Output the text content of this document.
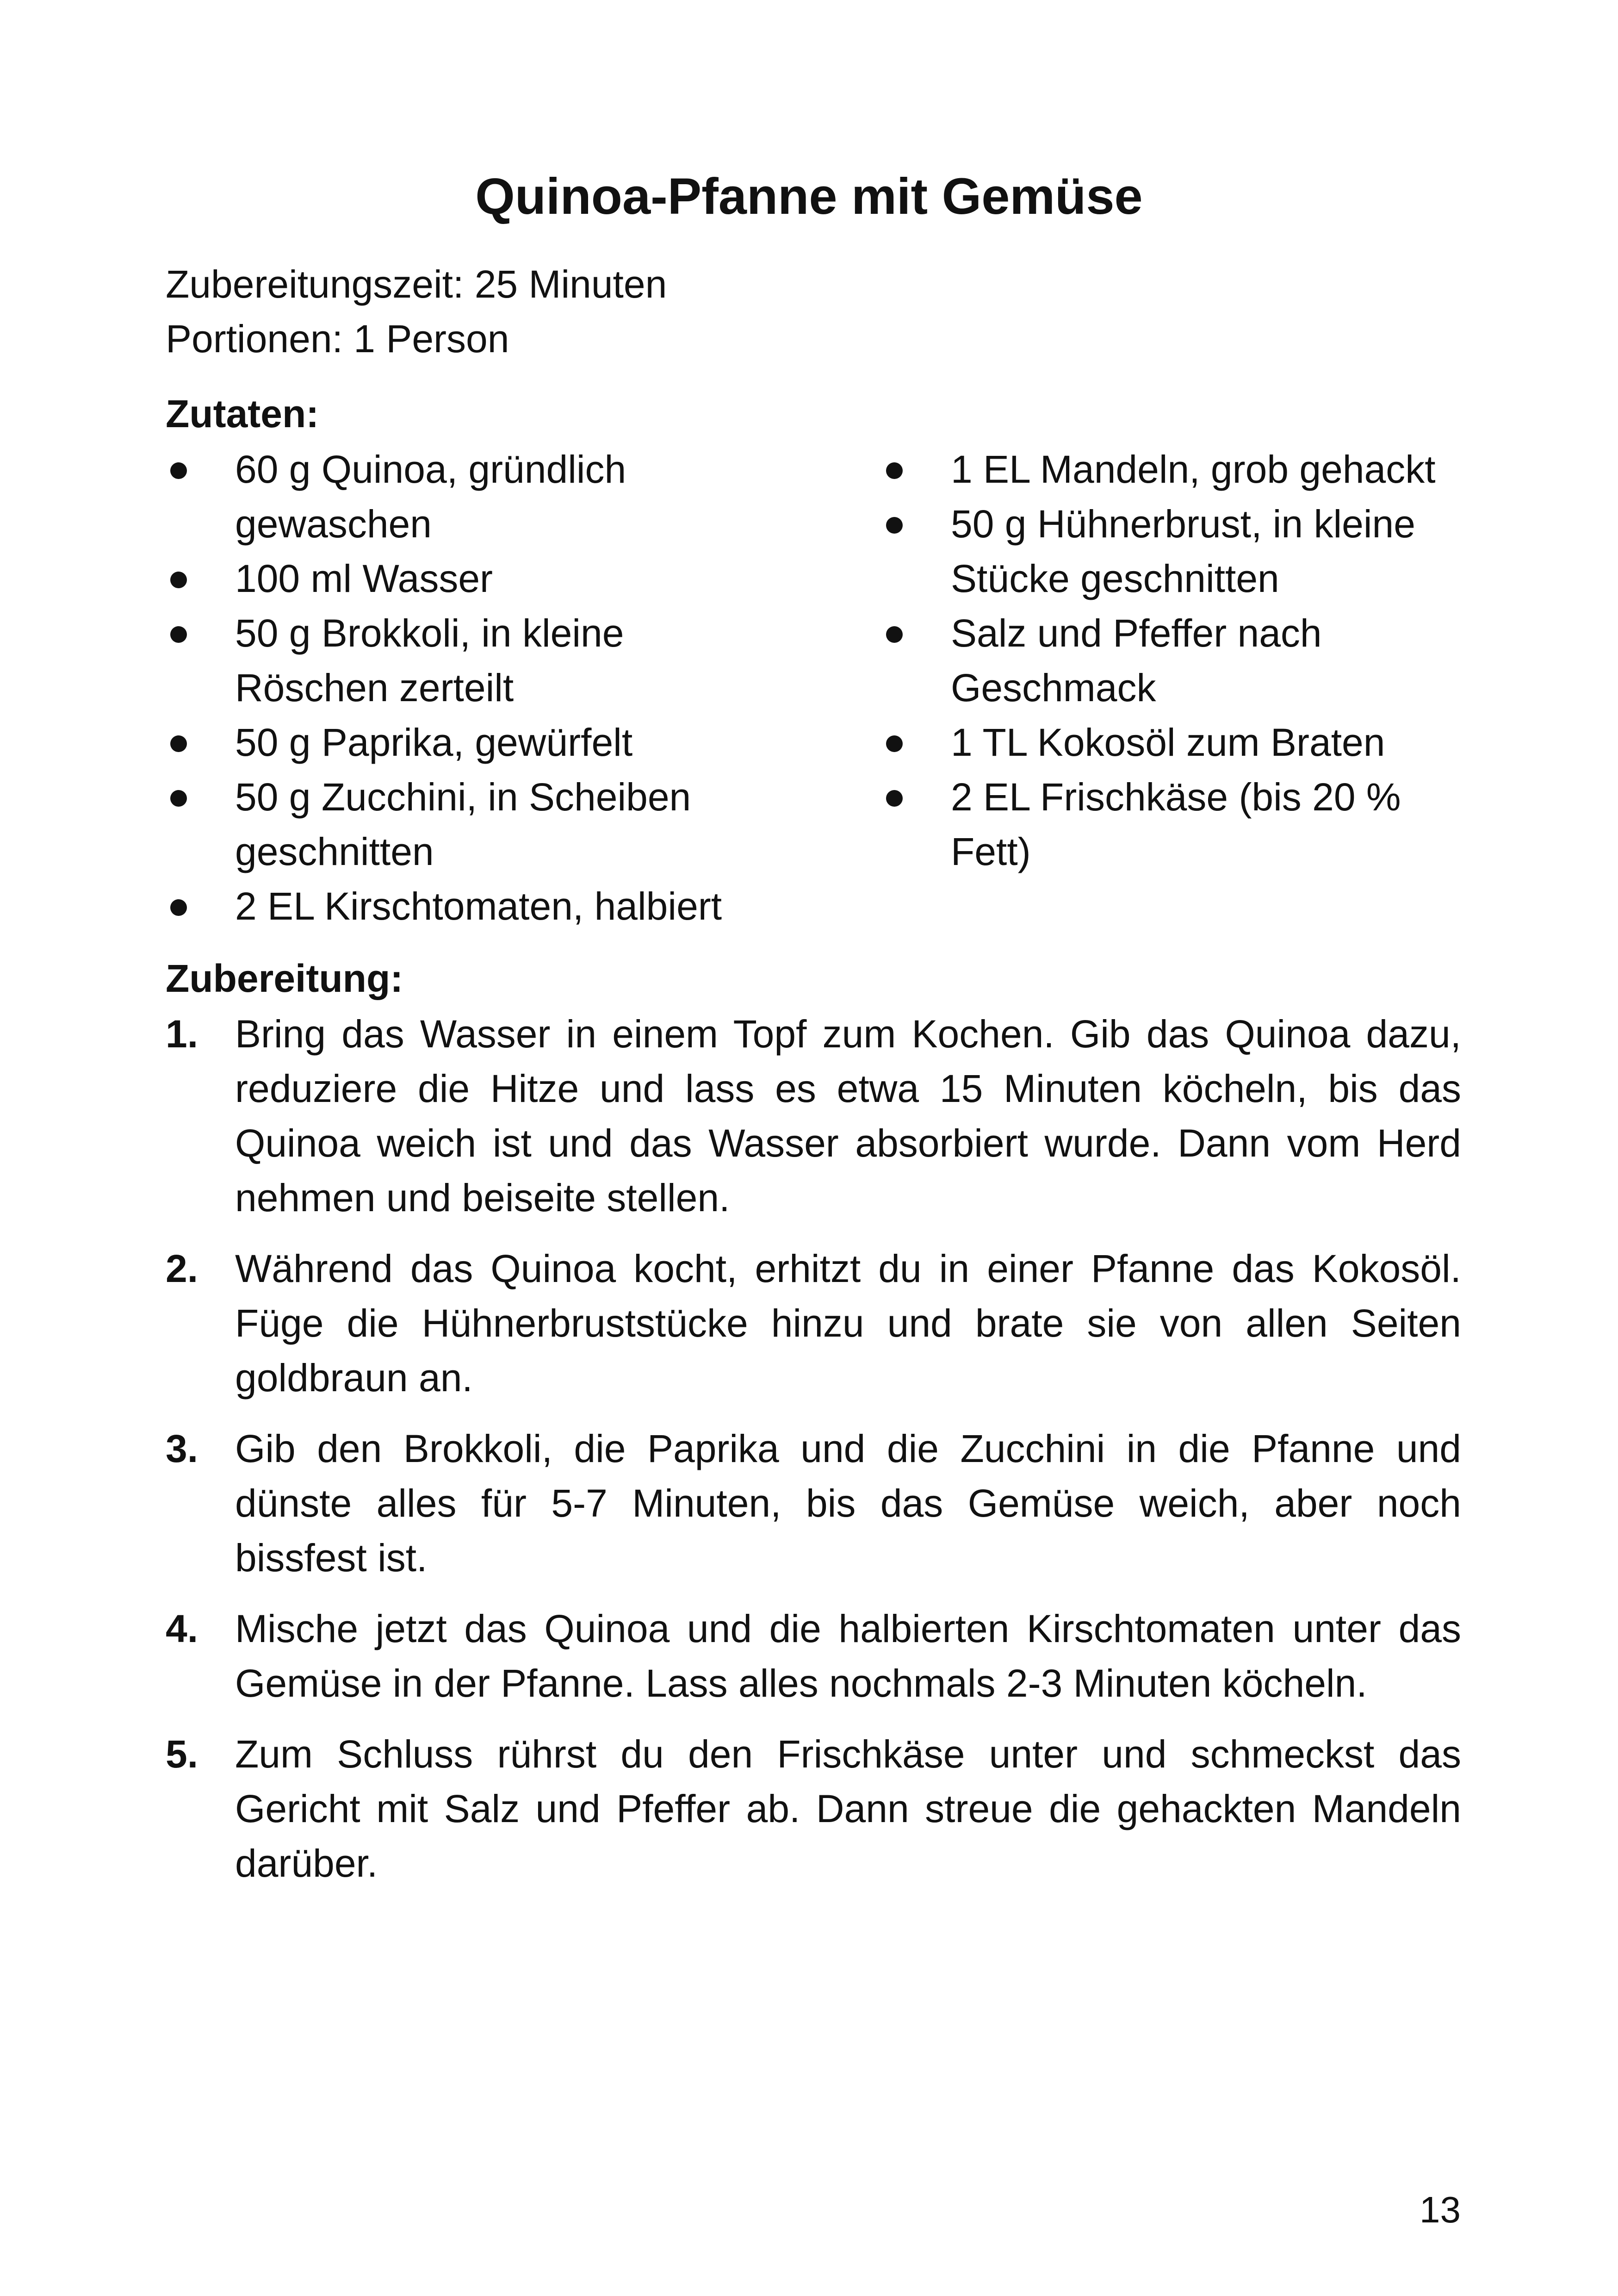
Quinoa-Pfanne mit Gemüse
Zubereitungszeit: 25 Minuten
Portionen: 1 Person
Zutaten:
60 g Quinoa, gründlich gewaschen
100 ml Wasser
50 g Brokkoli, in kleine Röschen zerteilt
50 g Paprika, gewürfelt
50 g Zucchini, in Scheiben geschnitten
2 EL Kirschtomaten, halbiert
1 EL Mandeln, grob gehackt
50 g Hühnerbrust, in kleine Stücke geschnitten
Salz und Pfeffer nach Geschmack
1 TL Kokosöl zum Braten
2 EL Frischkäse (bis 20 % Fett)
Zubereitung:
1. Bring das Wasser in einem Topf zum Kochen. Gib das Quinoa dazu, reduziere die Hitze und lass es etwa 15 Minuten köcheln, bis das Quinoa weich ist und das Wasser absorbiert wurde. Dann vom Herd nehmen und beiseite stellen.
2. Während das Quinoa kocht, erhitzt du in einer Pfanne das Kokosöl. Füge die Hühnerbruststücke hinzu und brate sie von allen Seiten goldbraun an.
3. Gib den Brokkoli, die Paprika und die Zucchini in die Pfanne und dünste alles für 5-7 Minuten, bis das Gemüse weich, aber noch bissfest ist.
4. Mische jetzt das Quinoa und die halbierten Kirschtomaten unter das Gemüse in der Pfanne. Lass alles nochmals 2-3 Minuten köcheln.
5. Zum Schluss rührst du den Frischkäse unter und schmeckst das Gericht mit Salz und Pfeffer ab. Dann streue die gehackten Mandeln darüber.
13
